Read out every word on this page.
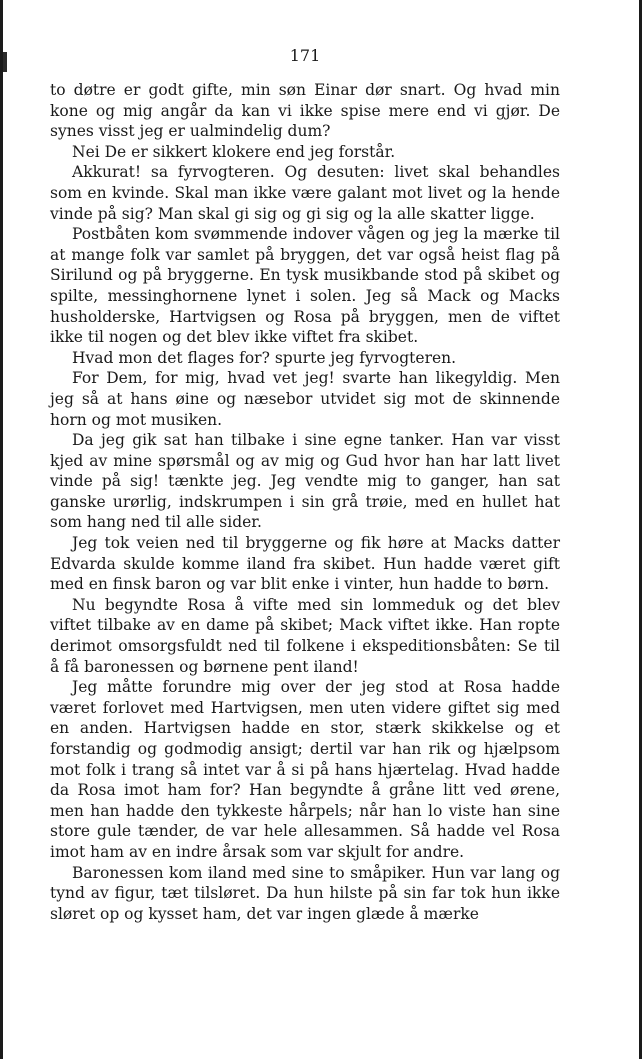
171

to døtre er godt gifte, min søn Einar dør snart. Og hvad min kone og mig angår da kan vi ikke spise mere end vi gjør. De synes visst jeg er ualmindelig dum?

Nei De er sikkert klokere end jeg forstår.

Akkurat! sa fyrvogteren. Og desuten: livet skal behandles som en kvinde. Skal man ikke være galant mot livet og la hende vinde på sig? Man skal gi sig og gi sig og la alle skatter ligge.

Postbåten kom svømmende indover vågen og jeg la mærke til at mange folk var samlet på bryggen, det var også heist flag på Sirilund og på bryggerne. En tysk musikbande stod på skibet og spilte, messinghornene lynet i solen. Jeg så Mack og Macks husholderske, Hartvigsen og Rosa på bryggen, men de viftet ikke til nogen og det blev ikke viftet fra skibet.

Hvad mon det flages for? spurte jeg fyrvogteren.

For Dem, for mig, hvad vet jeg! svarte han likegyldig. Men jeg så at hans øine og næsebor utvidet sig mot de skinnende horn og mot musiken.

Da jeg gik sat han tilbake i sine egne tanker. Han var visst kjed av mine spørsmål og av mig og Gud hvor han har latt livet vinde på sig! tænkte jeg. Jeg vendte mig to ganger, han sat ganske urørlig, indskrumpen i sin grå trøie, med en hullet hat som hang ned til alle sider.

Jeg tok veien ned til bryggerne og fik høre at Macks datter Edvarda skulde komme iland fra skibet. Hun hadde været gift med en finsk baron og var blit enke i vinter, hun hadde to børn.

Nu begyndte Rosa å vifte med sin lommeduk og det blev viftet tilbake av en dame på skibet; Mack viftet ikke. Han ropte derimot omsorgsfuldt ned til folkene i ekspeditionsbåten: Se til å få baronessen og børnene pent iland!

Jeg måtte forundre mig over der jeg stod at Rosa hadde været forlovet med Hartvigsen, men uten videre giftet sig med en anden. Hartvigsen hadde en stor, stærk skikkelse og et forstandig og godmodig ansigt; dertil var han rik og hjælpsom mot folk i trang så intet var å si på hans hjærtelag. Hvad hadde da Rosa imot ham for? Han begyndte å gråne litt ved ørene, men han hadde den tykkeste hårpels; når han lo viste han sine store gule tænder, de var hele allesammen. Så hadde vel Rosa imot ham av en indre årsak som var skjult for andre.

Baronessen kom iland med sine to småpiker. Hun var lang og tynd av figur, tæt tilsløret. Da hun hilste på sin far tok hun ikke sløret op og kysset ham, det var ingen glæde å mærke
